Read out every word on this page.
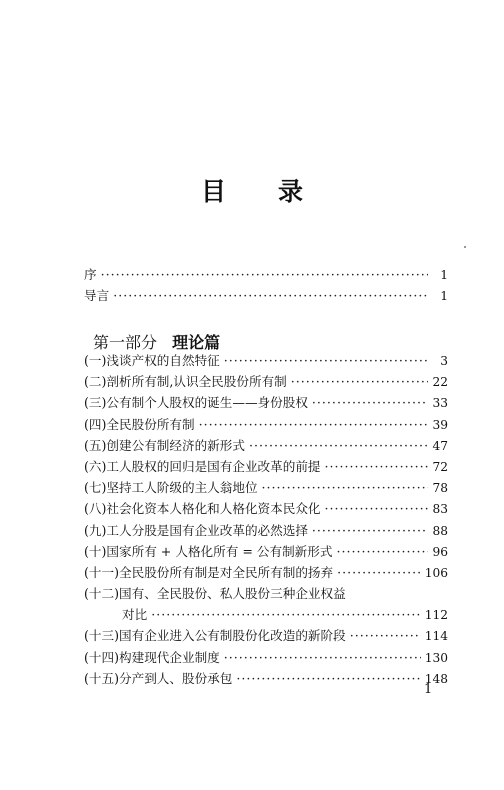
目 录
序 ·····	1
导言 ·····	1
第一部分 理论篇
(一)浅谈产权的自然特征 ·····	3
(二)剖析所有制,认识全民股份所有制 ·····	22
(三)公有制个人股权的诞生——身份股权 ·····	33
(四)全民股份所有制 ·····	39
(五)创建公有制经济的新形式 ·····	47
(六)工人股权的回归是国有企业改革的前提 ·····	72
(七)坚持工人阶级的主人翁地位 ·····	78
(八)社会化资本人格化和人格化资本民众化 ·····	83
(九)工人分股是国有企业改革的必然选择 ·····	88
(十)国家所有 + 人格化所有 = 公有制新形式 ·····	96
(十一)全民股份所有制是对全民所有制的扬弃 ·····	106
(十二)国有、全民股份、私人股份三种企业权益
对比 ·····	112
(十三)国有企业进入公有制股份化改造的新阶段 ·····	114
(十四)构建现代企业制度 ·····	130
(十五)分产到人、股份承包 ·····	148
1
